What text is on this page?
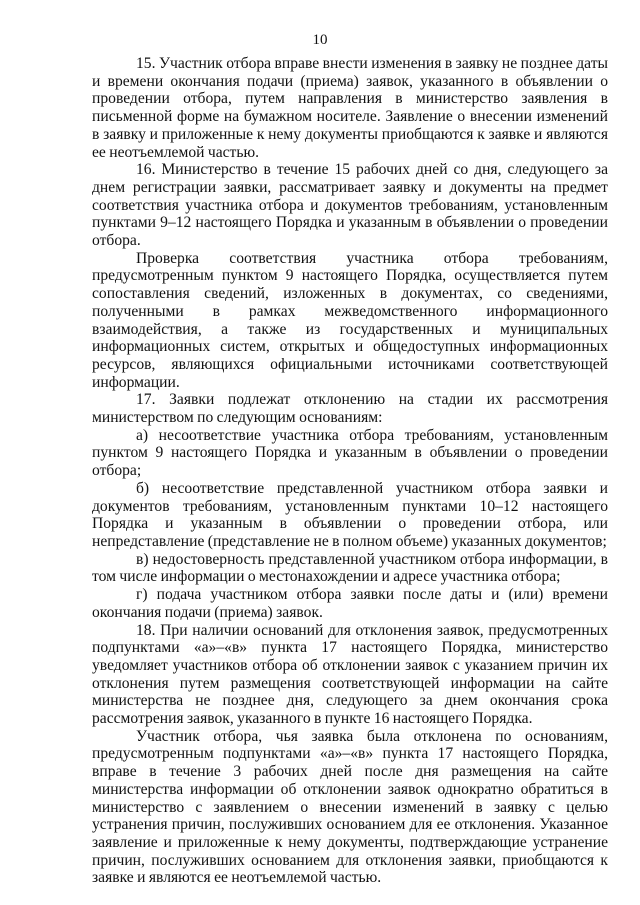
10

15. Участник отбора вправе внести изменения в заявку не позднее даты и времени окончания подачи (приема) заявок, указанного в объявлении о проведении отбора, путем направления в министерство заявления в письменной форме на бумажном носителе. Заявление о внесении изменений в заявку и приложенные к нему документы приобщаются к заявке и являются ее неотъемлемой частью.

16. Министерство в течение 15 рабочих дней со дня, следующего за днем регистрации заявки, рассматривает заявку и документы на предмет соответствия участника отбора и документов требованиям, установленным пунктами 9–12 настоящего Порядка и указанным в объявлении о проведении отбора.

Проверка соответствия участника отбора требованиям, предусмотренным пунктом 9 настоящего Порядка, осуществляется путем сопоставления сведений, изложенных в документах, со сведениями, полученными в рамках межведомственного информационного взаимодействия, а также из государственных и муниципальных информационных систем, открытых и общедоступных информационных ресурсов, являющихся официальными источниками соответствующей информации.

17. Заявки подлежат отклонению на стадии их рассмотрения министерством по следующим основаниям:

а) несоответствие участника отбора требованиям, установленным пунктом 9 настоящего Порядка и указанным в объявлении о проведении отбора;

б) несоответствие представленной участником отбора заявки и документов требованиям, установленным пунктами 10–12 настоящего Порядка и указанным в объявлении о проведении отбора, или непредставление (представление не в полном объеме) указанных документов;

в) недостоверность представленной участником отбора информации, в том числе информации о местонахождении и адресе участника отбора;

г) подача участником отбора заявки после даты и (или) времени окончания подачи (приема) заявок.

18. При наличии оснований для отклонения заявок, предусмотренных подпунктами «а»–«в» пункта 17 настоящего Порядка, министерство уведомляет участников отбора об отклонении заявок с указанием причин их отклонения путем размещения соответствующей информации на сайте министерства не позднее дня, следующего за днем окончания срока рассмотрения заявок, указанного в пункте 16 настоящего Порядка.

Участник отбора, чья заявка была отклонена по основаниям, предусмотренным подпунктами «а»–«в» пункта 17 настоящего Порядка, вправе в течение 3 рабочих дней после дня размещения на сайте министерства информации об отклонении заявок однократно обратиться в министерство с заявлением о внесении изменений в заявку с целью устранения причин, послуживших основанием для ее отклонения. Указанное заявление и приложенные к нему документы, подтверждающие устранение причин, послуживших основанием для отклонения заявки, приобщаются к заявке и являются ее неотъемлемой частью.
